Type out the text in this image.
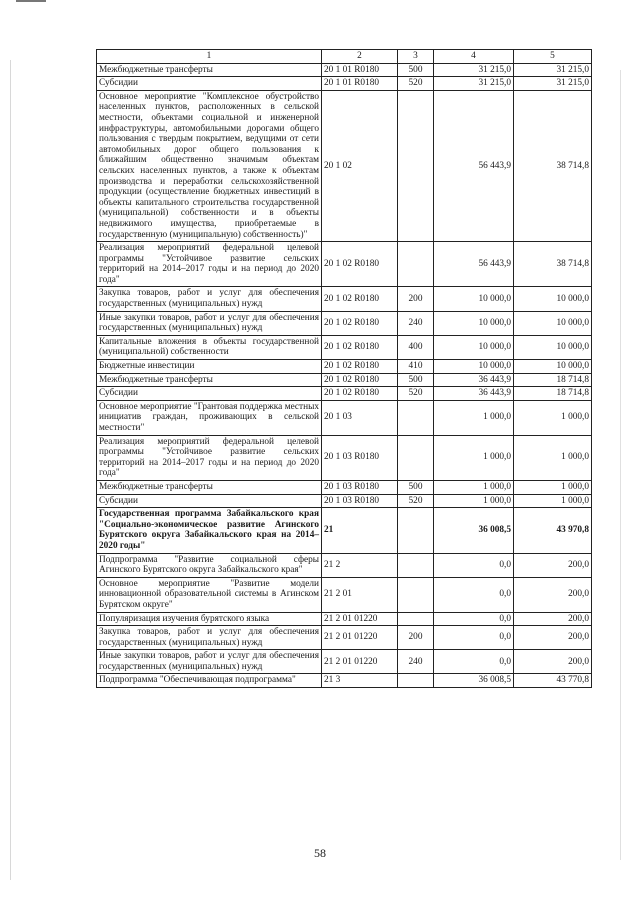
1	2	3	4	5
Межбюджетные трансферты	20 1 01 R0180	500	31 215,0	31 215,0
Субсидии	20 1 01 R0180	520	31 215,0	31 215,0
Основное мероприятие "Комплексное обустройство населенных пунктов, расположенных в сельской местности, объектами социальной и инженерной инфраструктуры, автомобильными дорогами общего пользования с твердым покрытием, ведущими от сети автомобильных дорог общего пользования к ближайшим общественно значимым объектам сельских населенных пунктов, а также к объектам производства и переработки сельскохозяйственной продукции (осуществление бюджетных инвестиций в объекты капитального строительства государственной (муниципальной) собственности и в объекты недвижимого имущества, приобретаемые в государственную (муниципальную) собственность)"	20 1 02		56 443,9	38 714,8
Реализация мероприятий федеральной целевой программы "Устойчивое развитие сельских территорий на 2014–2017 годы и на период до 2020 года"	20 1 02 R0180		56 443,9	38 714,8
Закупка товаров, работ и услуг для обеспечения государственных (муниципальных) нужд	20 1 02 R0180	200	10 000,0	10 000,0
Иные закупки товаров, работ и услуг для обеспечения государственных (муниципальных) нужд	20 1 02 R0180	240	10 000,0	10 000,0
Капитальные вложения в объекты государственной (муниципальной) собственности	20 1 02 R0180	400	10 000,0	10 000,0
Бюджетные инвестиции	20 1 02 R0180	410	10 000,0	10 000,0
Межбюджетные трансферты	20 1 02 R0180	500	36 443,9	18 714,8
Субсидии	20 1 02 R0180	520	36 443,9	18 714,8
Основное мероприятие "Грантовая поддержка местных инициатив граждан, проживающих в сельской местности"	20 1 03		1 000,0	1 000,0
Реализация мероприятий федеральной целевой программы "Устойчивое развитие сельских территорий на 2014–2017 годы и на период до 2020 года"	20 1 03 R0180		1 000,0	1 000,0
Межбюджетные трансферты	20 1 03 R0180	500	1 000,0	1 000,0
Субсидии	20 1 03 R0180	520	1 000,0	1 000,0
Государственная программа Забайкальского края "Социально-экономическое развитие Агинского Бурятского округа Забайкальского края на 2014–2020 годы"	21		36 008,5	43 970,8
Подпрограмма "Развитие социальной сферы Агинского Бурятского округа Забайкальского края"	21 2		0,0	200,0
Основное мероприятие "Развитие модели инновационной образовательной системы в Агинском Бурятском округе"	21 2 01		0,0	200,0
Популяризация изучения бурятского языка	21 2 01 01220		0,0	200,0
Закупка товаров, работ и услуг для обеспечения государственных (муниципальных) нужд	21 2 01 01220	200	0,0	200,0
Иные закупки товаров, работ и услуг для обеспечения государственных (муниципальных) нужд	21 2 01 01220	240	0,0	200,0
Подпрограмма "Обеспечивающая подпрограмма"	21 3		36 008,5	43 770,8
58
